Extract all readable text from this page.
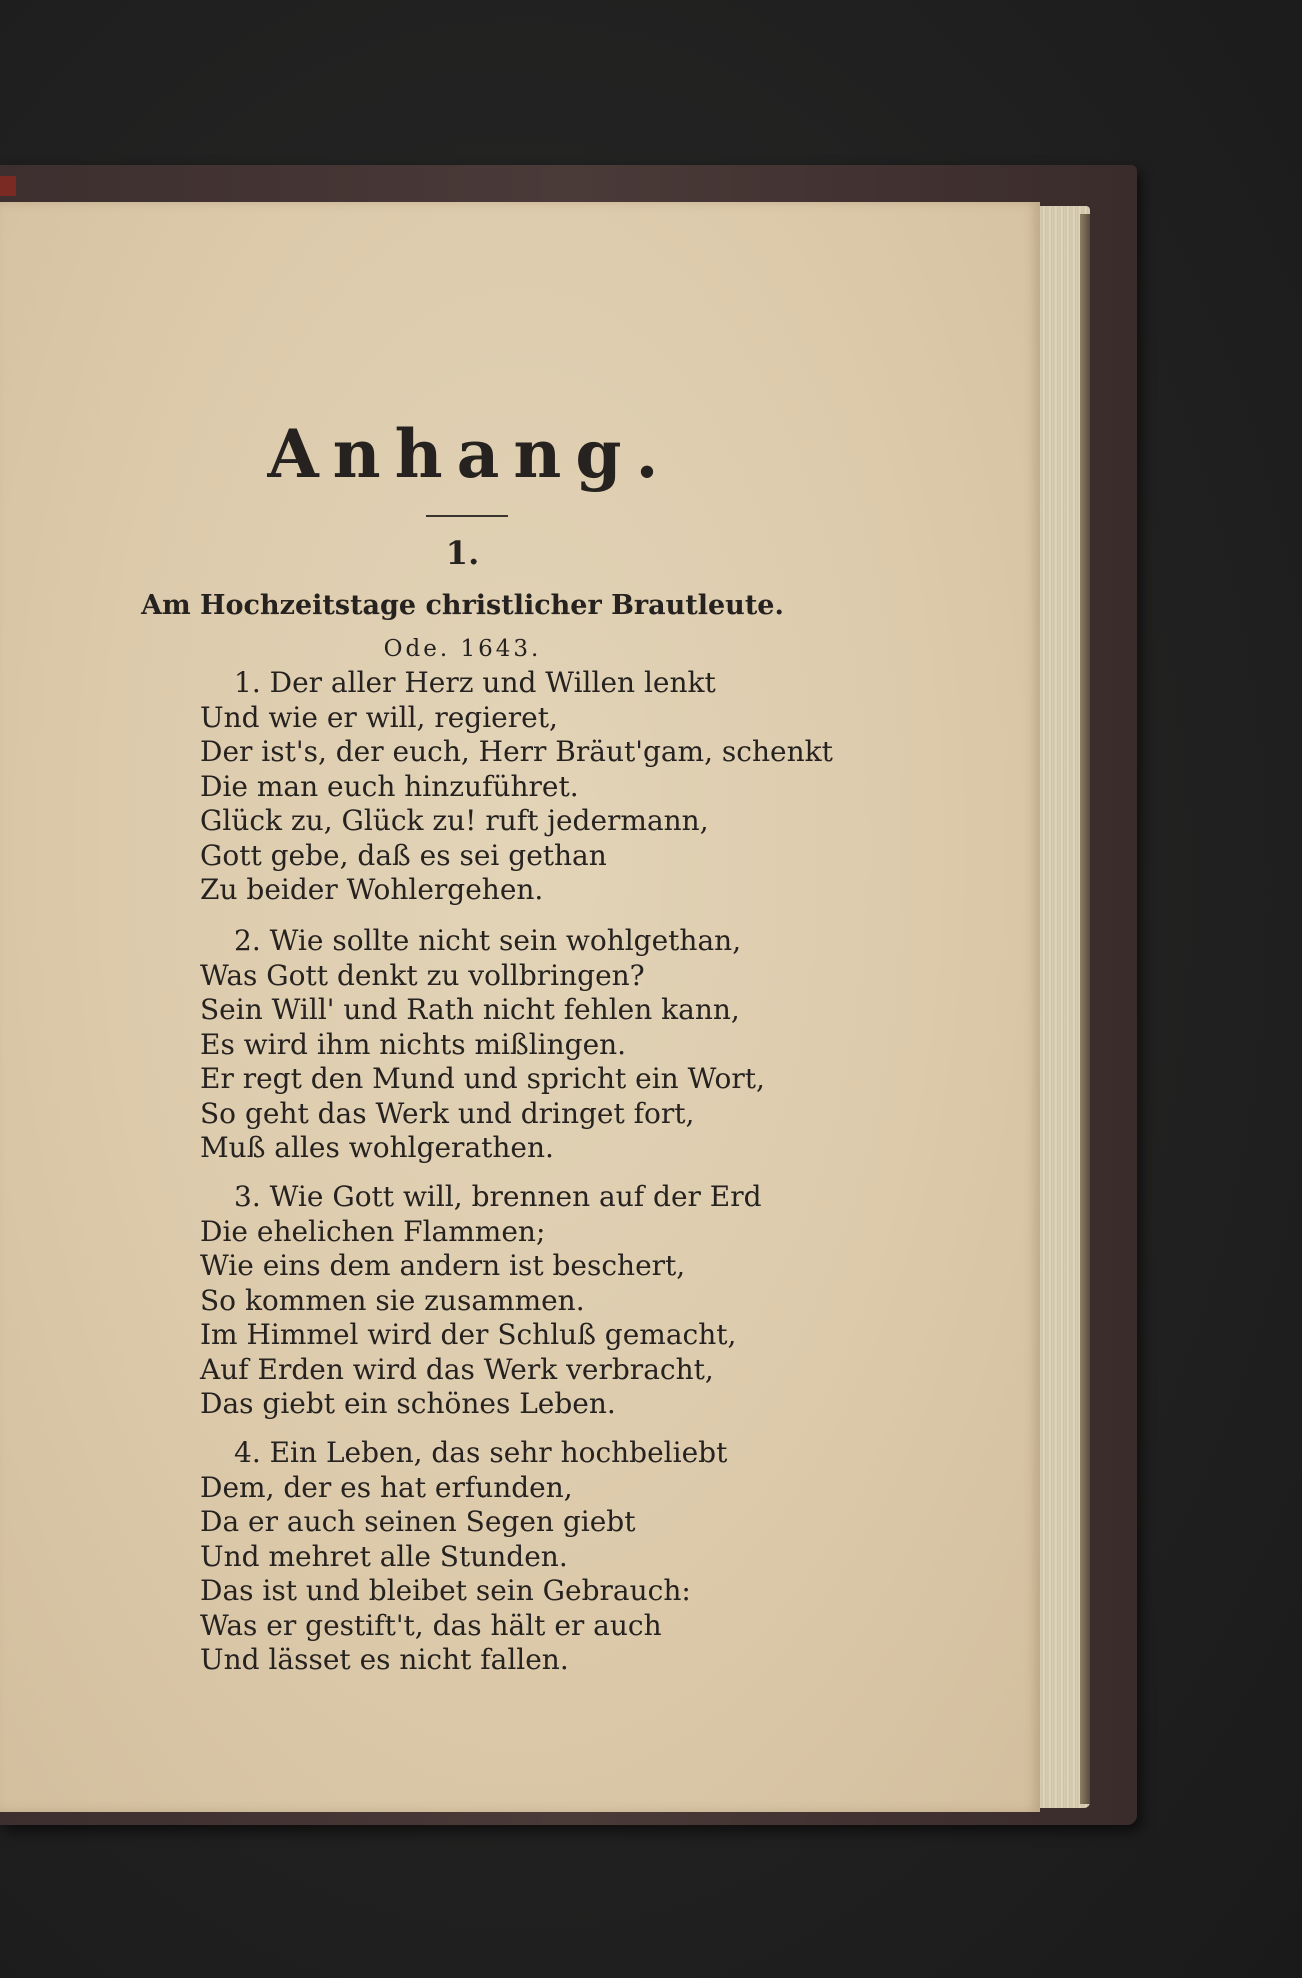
Anhang.
1.
Am Hochzeitstage christlicher Brautleute.
Ode. 1643.
1. Der aller Herz und Willen lenkt
Und wie er will, regieret,
Der ist's, der euch, Herr Bräut'gam, schenkt
Die man euch hinzuführet.
Glück zu, Glück zu! ruft jedermann,
Gott gebe, daß es sei gethan
Zu beider Wohlergehen.
2. Wie sollte nicht sein wohlgethan,
Was Gott denkt zu vollbringen?
Sein Will' und Rath nicht fehlen kann,
Es wird ihm nichts mißlingen.
Er regt den Mund und spricht ein Wort,
So geht das Werk und dringet fort,
Muß alles wohlgerathen.
3. Wie Gott will, brennen auf der Erd
Die ehelichen Flammen;
Wie eins dem andern ist beschert,
So kommen sie zusammen.
Im Himmel wird der Schluß gemacht,
Auf Erden wird das Werk verbracht,
Das giebt ein schönes Leben.
4. Ein Leben, das sehr hochbeliebt
Dem, der es hat erfunden,
Da er auch seinen Segen giebt
Und mehret alle Stunden.
Das ist und bleibet sein Gebrauch:
Was er gestift't, das hält er auch
Und lässet es nicht fallen.
